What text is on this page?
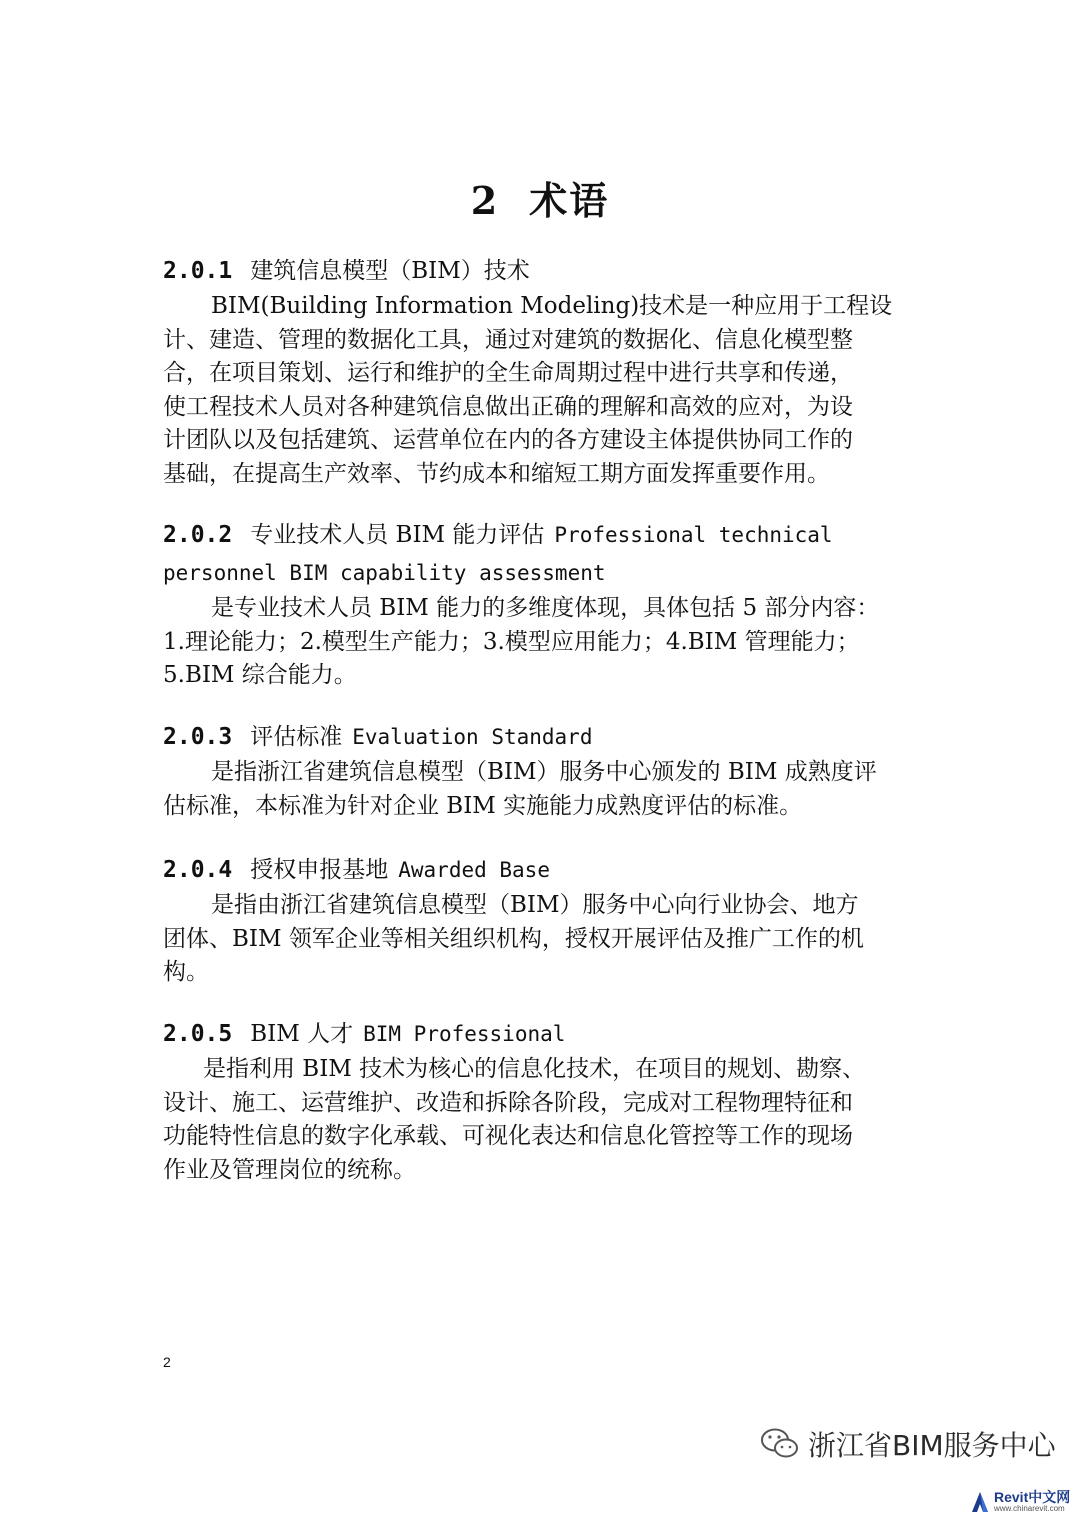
2 术语

2.0.1 建筑信息模型（BIM）技术

BIM(Building Information Modeling)技术是一种应用于工程设
计、建造、管理的数据化工具，通过对建筑的数据化、信息化模型整
合，在项目策划、运行和维护的全生命周期过程中进行共享和传递，
使工程技术人员对各种建筑信息做出正确的理解和高效的应对，为设
计团队以及包括建筑、运营单位在内的各方建设主体提供协同工作的
基础，在提高生产效率、节约成本和缩短工期方面发挥重要作用。

2.0.2 专业技术人员 BIM 能力评估 Professional technical

personnel BIM capability assessment

是专业技术人员 BIM 能力的多维度体现，具体包括 5 部分内容：
1.理论能力；2.模型生产能力；3.模型应用能力；4.BIM 管理能力；
5.BIM 综合能力。

2.0.3 评估标准 Evaluation Standard

是指浙江省建筑信息模型（BIM）服务中心颁发的 BIM 成熟度评
估标准，本标准为针对企业 BIM 实施能力成熟度评估的标准。

2.0.4 授权申报基地 Awarded Base

是指由浙江省建筑信息模型（BIM）服务中心向行业协会、地方
团体、BIM 领军企业等相关组织机构，授权开展评估及推广工作的机
构。

2.0.5 BIM 人才 BIM Professional

是指利用 BIM 技术为核心的信息化技术，在项目的规划、勘察、
设计、施工、运营维护、改造和拆除各阶段，完成对工程物理特征和
功能特性信息的数字化承载、可视化表达和信息化管控等工作的现场
作业及管理岗位的统称。

2
浙江省BIM服务中心
Revit中文网
www.chinarevit.com
